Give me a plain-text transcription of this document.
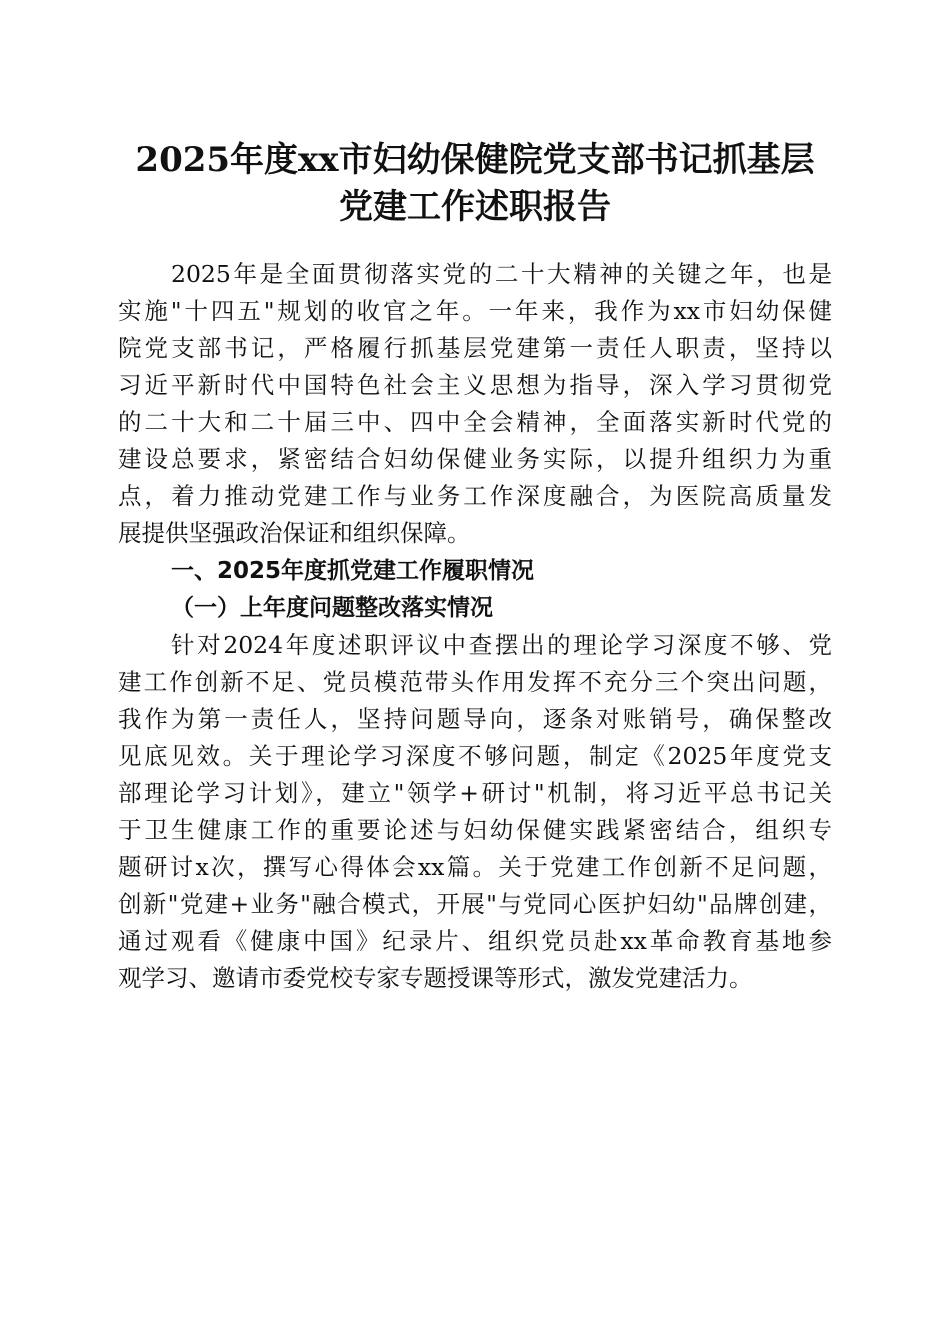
2025年度xx市妇幼保健院党支部书记抓基层
党建工作述职报告

2025年是全面贯彻落实党的二十大精神的关键之年，也是

实施"十四五"规划的收官之年。一年来，我作为xx市妇幼保健

院党支部书记，严格履行抓基层党建第一责任人职责，坚持以

习近平新时代中国特色社会主义思想为指导，深入学习贯彻党

的二十大和二十届三中、四中全会精神，全面落实新时代党的

建设总要求，紧密结合妇幼保健业务实际，以提升组织力为重

点，着力推动党建工作与业务工作深度融合，为医院高质量发

展提供坚强政治保证和组织保障。

一、2025年度抓党建工作履职情况
（一）上年度问题整改落实情况

针对2024年度述职评议中查摆出的理论学习深度不够、党

建工作创新不足、党员模范带头作用发挥不充分三个突出问题，

我作为第一责任人，坚持问题导向，逐条对账销号，确保整改

见底见效。关于理论学习深度不够问题，制定《2025年度党支

部理论学习计划》，建立"领学+研讨"机制，将习近平总书记关

于卫生健康工作的重要论述与妇幼保健实践紧密结合，组织专

题研讨x次，撰写心得体会xx篇。关于党建工作创新不足问题，

创新"党建+业务"融合模式，开展"与党同心医护妇幼"品牌创建，

通过观看《健康中国》纪录片、组织党员赴xx革命教育基地参

观学习、邀请市委党校专家专题授课等形式，激发党建活力。
